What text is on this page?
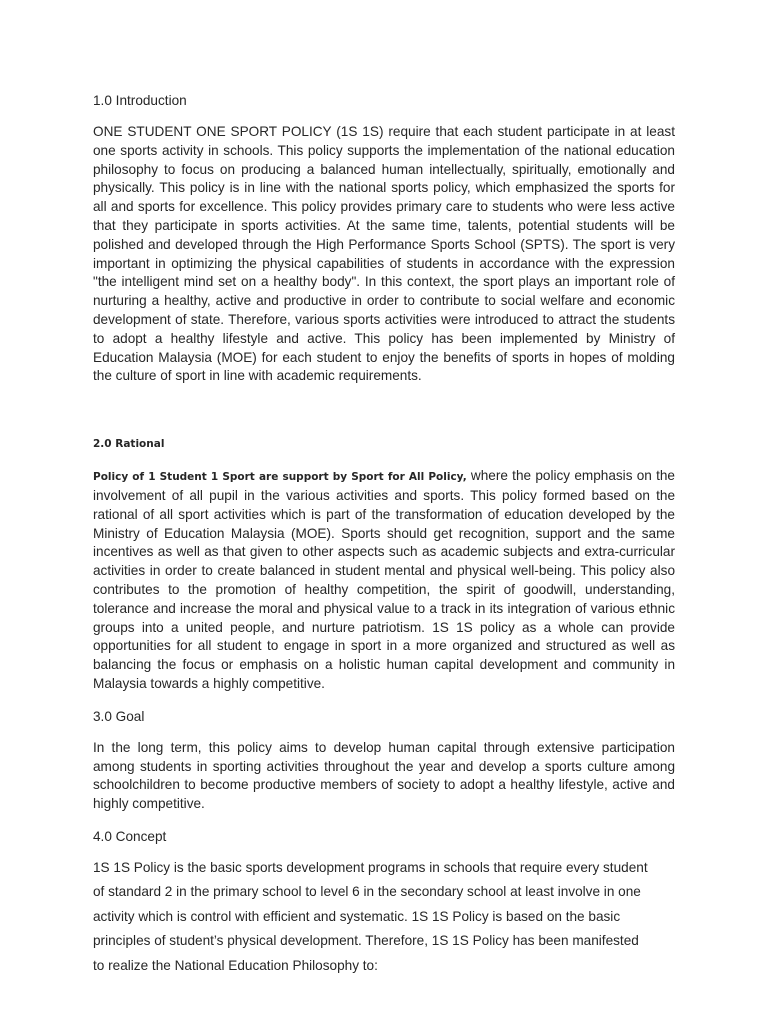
1.0 Introduction

ONE STUDENT ONE SPORT POLICY (1S 1S) require that each student participate in at least one sports activity in schools. This policy supports the implementation of the national education philosophy to focus on producing a balanced human intellectually, spiritually, emotionally and physically. This policy is in line with the national sports policy, which emphasized the sports for all and sports for excellence. This policy provides primary care to students who were less active that they participate in sports activities. At the same time, talents, potential students will be polished and developed through the High Performance Sports School (SPTS). The sport is very important in optimizing the physical capabilities of students in accordance with the expression "the intelligent mind set on a healthy body". In this context, the sport plays an important role of nurturing a healthy, active and productive in order to contribute to social welfare and economic development of state. Therefore, various sports activities were introduced to attract the students to adopt a healthy lifestyle and active. This policy has been implemented by Ministry of Education Malaysia (MOE) for each student to enjoy the benefits of sports in hopes of molding the culture of sport in line with academic requirements.

2.0 Rational

Policy of 1 Student 1 Sport are support by Sport for All Policy, where the policy emphasis on the involvement of all pupil in the various activities and sports. This policy formed based on the rational of all sport activities which is part of the transformation of education developed by the Ministry of Education Malaysia (MOE). Sports should get recognition, support and the same incentives as well as that given to other aspects such as academic subjects and extra-curricular activities in order to create balanced in student mental and physical well-being. This policy also contributes to the promotion of healthy competition, the spirit of goodwill, understanding, tolerance and increase the moral and physical value to a track in its integration of various ethnic groups into a united people, and nurture patriotism. 1S 1S policy as a whole can provide opportunities for all student to engage in sport in a more organized and structured as well as balancing the focus or emphasis on a holistic human capital development and community in Malaysia towards a highly competitive.

3.0 Goal

In the long term, this policy aims to develop human capital through extensive participation among students in sporting activities throughout the year and develop a sports culture among schoolchildren to become productive members of society to adopt a healthy lifestyle, active and highly competitive.

4.0 Concept

1S 1S Policy is the basic sports development programs in schools that require every student

of standard 2 in the primary school to level 6 in the secondary school at least involve in one

activity which is control with efficient and systematic. 1S 1S Policy is based on the basic

principles of student’s physical development. Therefore, 1S 1S Policy has been manifested

to realize the National Education Philosophy to:
